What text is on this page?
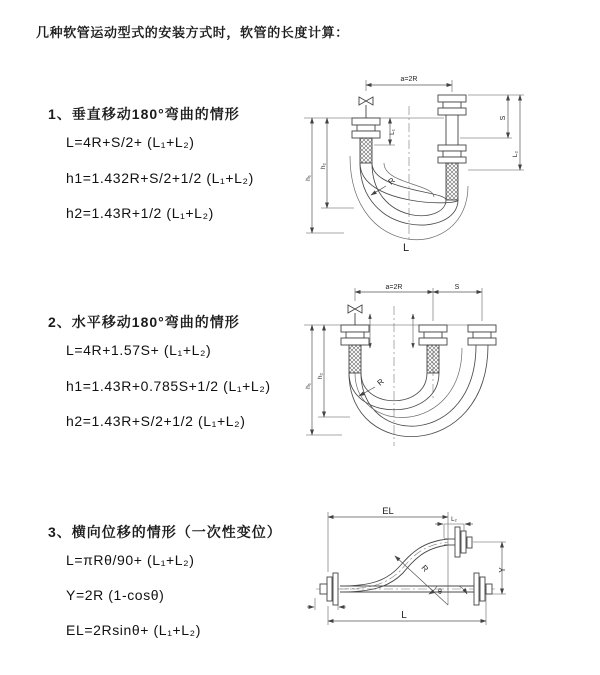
几种软管运动型式的安装方式时，软管的长度计算：
1、垂直移动180°弯曲的情形
L=4R+S/2+ (L₁+L₂)
h1=1.432R+S/2+1/2 (L₁+L₂)
h2=1.43R+1/2 (L₁+L₂)
2、水平移动180°弯曲的情形
L=4R+1.57S+ (L₁+L₂)
h1=1.43R+0.785S+1/2 (L₁+L₂)
h2=1.43R+S/2+1/2 (L₁+L₂)
3、横向位移的情形（一次性变位）
L=πRθ/90+ (L₁+L₂)
Y=2R (1-cosθ)
EL=2Rsinθ+ (L₁+L₂)
a=2R
L₁
S
L₂
h₁
h₂
R
L
a=2R	S
h₁
h₂
R
EL
L₂
Y
R
θ
L
